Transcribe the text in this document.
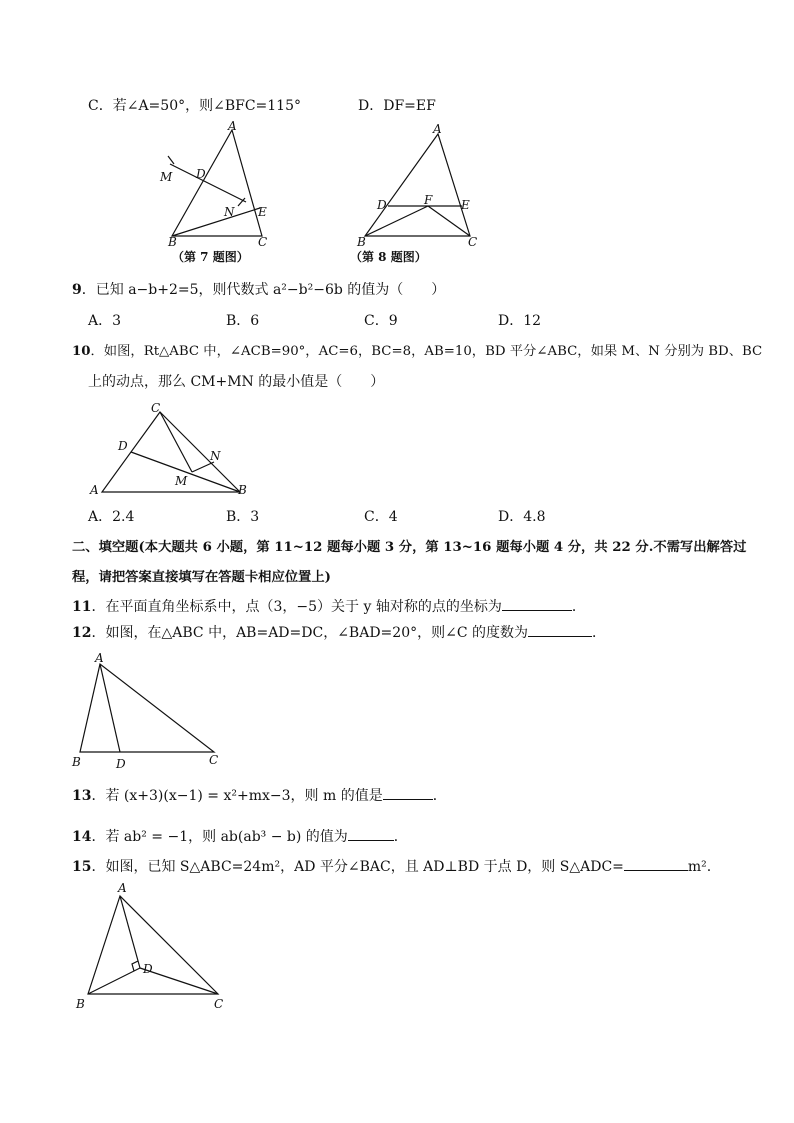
C．若∠A=50°，则∠BFC=115°	D．DF=EF
A
M D
N E
B	C
（第 7 题图）
A
D	F E
B	C
（第 8 题图）
9．已知 a−b+2=5，则代数式 a²−b²−6b 的值为（　　）
A．3	B．6	C．9	D．12
10．如图，Rt△ABC 中，∠ACB=90°，AC=6，BC=8，AB=10，BD 平分∠ABC，如果 M、N 分别为 BD、BC
上的动点，那么 CM+MN 的最小值是（　　）
C
D
N
M
A	B
A．2.4	B．3	C．4	D．4.8
二、填空题(本大题共 6 小题，第 11~12 题每小题 3 分，第 13~16 题每小题 4 分，共 22 分.不需写出解答过
程，请把答案直接填写在答题卡相应位置上)
11．在平面直角坐标系中，点（3，−5）关于 y 轴对称的点的坐标为	．
12．如图，在△ABC 中，AB=AD=DC，∠BAD=20°，则∠C 的度数为	．
A
B	D	C
13．若 (x+3)(x−1) = x²+mx−3，则 m 的值是	．
14．若 ab² = −1，则 ab(ab³ − b) 的值为	．
15．如图，已知 S△ABC=24m²，AD 平分∠BAC，且 AD⊥BD 于点 D，则 S△ADC=	m².
A
D
B	C
